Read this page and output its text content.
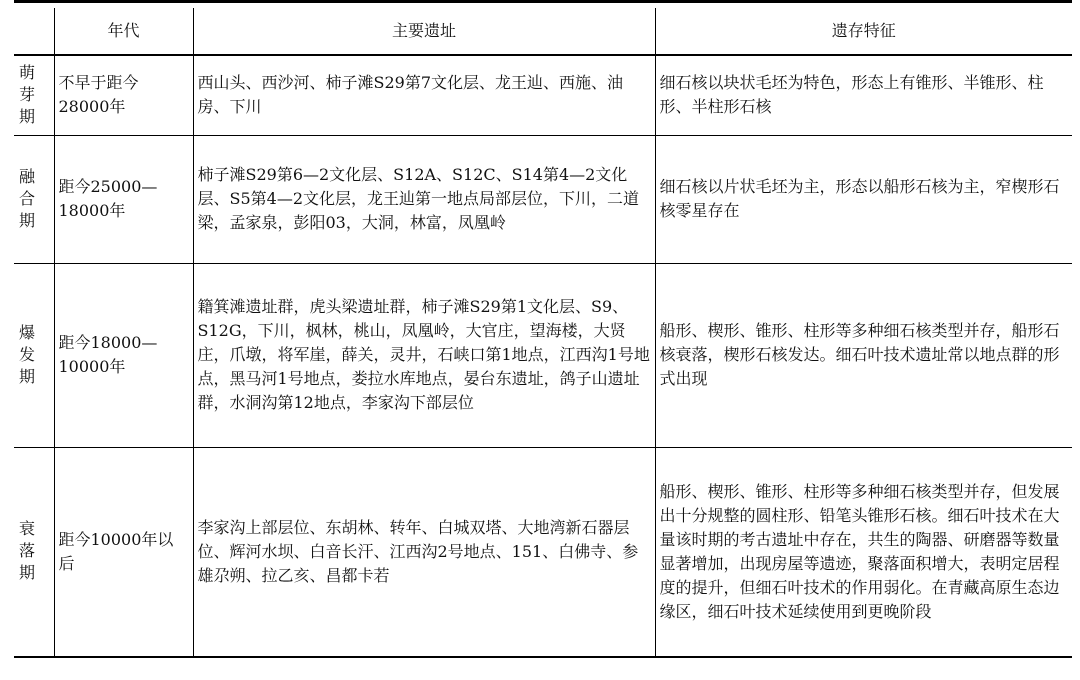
	年代	主要遗址	遗存特征
萌芽期	不早于距今28000年	西山头、西沙河、柿子滩S29第7文化层、龙王辿、西施、油房、下川	细石核以块状毛坯为特色，形态上有锥形、半锥形、柱形、半柱形石核
融合期	距今25000—18000年	柿子滩S29第6—2文化层、S12A、S12C、S14第4—2文化层、S5第4—2文化层，龙王辿第一地点局部层位，下川，二道梁，孟家泉，彭阳03，大洞，林富，凤凰岭	细石核以片状毛坯为主，形态以船形石核为主，窄楔形石核零星存在
爆发期	距今18000—10000年	籍箕滩遗址群，虎头梁遗址群，柿子滩S29第1文化层、S9、S12G，下川，枫林，桃山，凤凰岭，大官庄，望海楼，大贤庄，爪墩，将军崖，薛关，灵井，石峡口第1地点，江西沟1号地点，黑马河1号地点，娄拉水库地点，晏台东遗址，鸽子山遗址群，水洞沟第12地点，李家沟下部层位	船形、楔形、锥形、柱形等多种细石核类型并存，船形石核衰落，楔形石核发达。细石叶技术遗址常以地点群的形式出现
衰落期	距今10000年以后	李家沟上部层位、东胡林、转年、白城双塔、大地湾新石器层位、辉河水坝、白音长汗、江西沟2号地点、151、白佛寺、参雄尕朔、拉乙亥、昌都卡若	船形、楔形、锥形、柱形等多种细石核类型并存，但发展出十分规整的圆柱形、铅笔头锥形石核。细石叶技术在大量该时期的考古遗址中存在，共生的陶器、研磨器等数量显著增加，出现房屋等遗迹，聚落面积增大，表明定居程度的提升，但细石叶技术的作用弱化。在青藏高原生态边缘区，细石叶技术延续使用到更晚阶段
